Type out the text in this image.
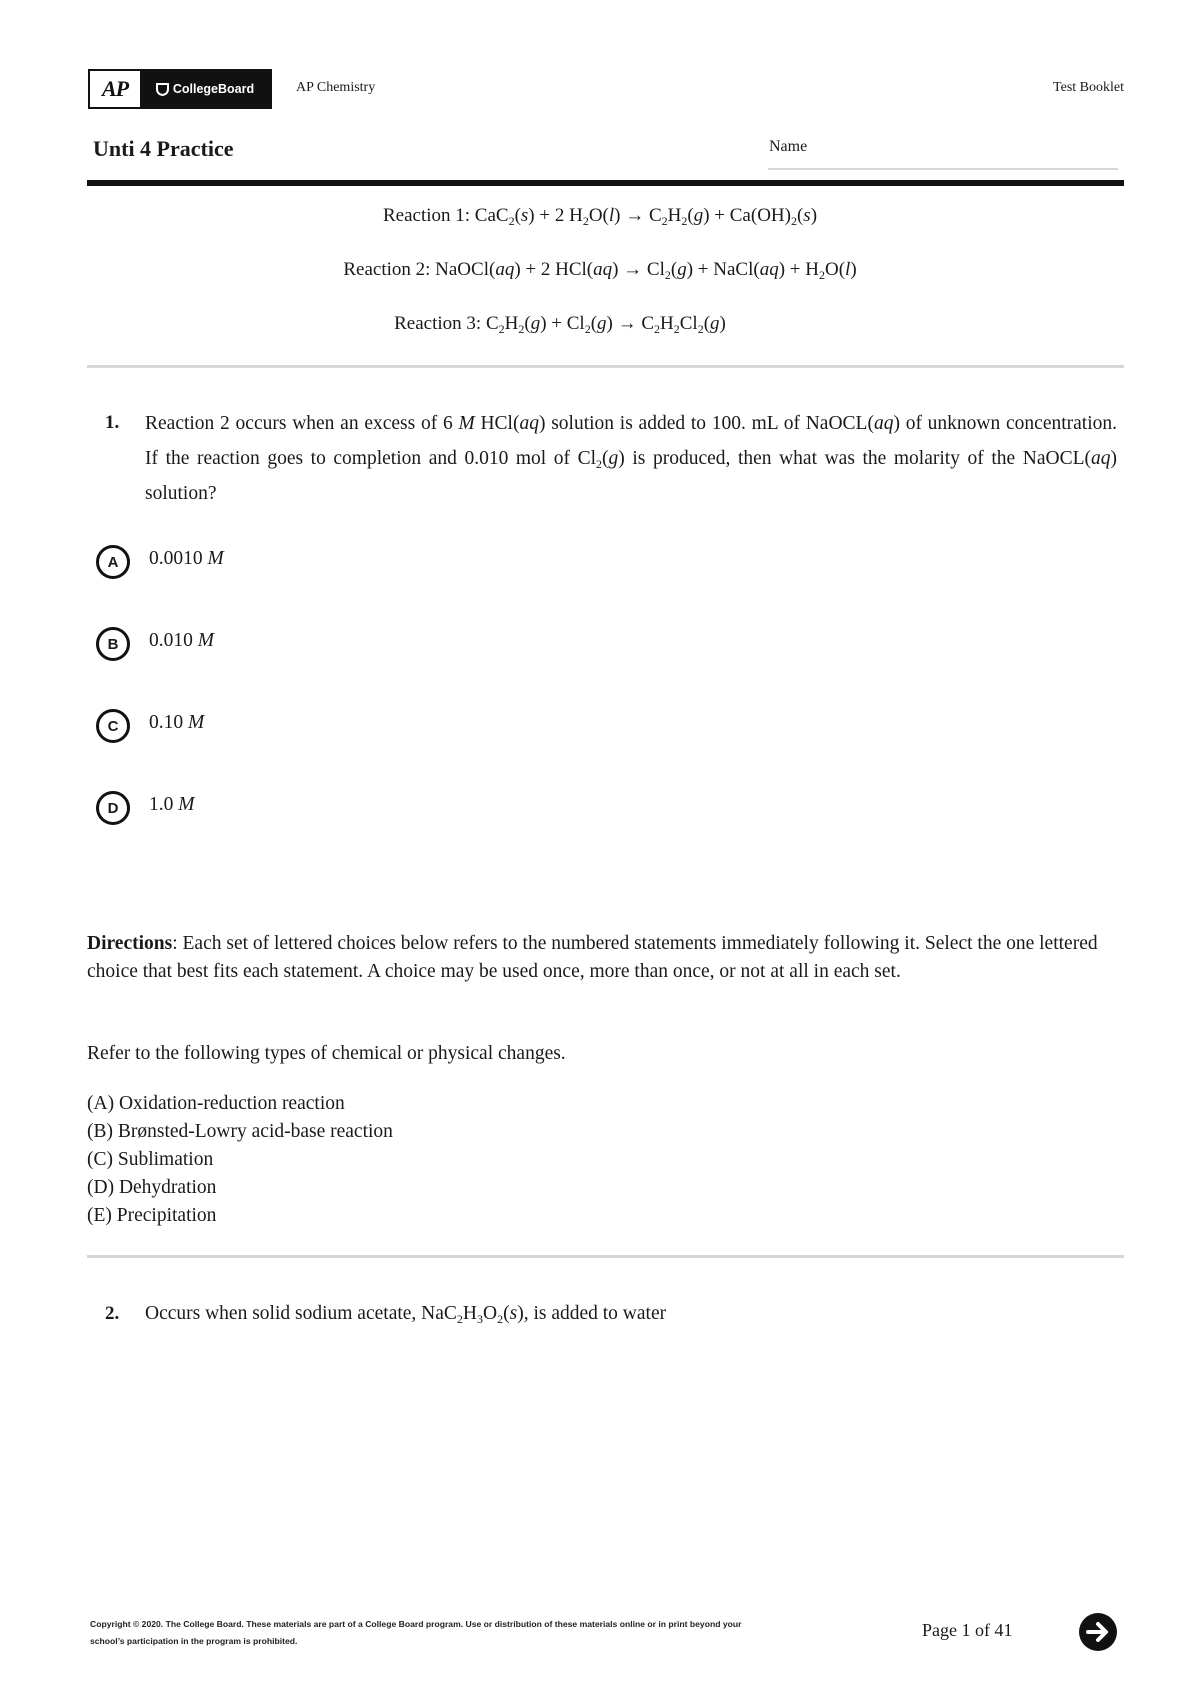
AP	CollegeBoard	AP Chemistry	Test Booklet
Unti 4 Practice	Name
Reaction 1: CaC$_2$(s) + 2 $H_2O(l) \to C_2H_2(g) + Ca(OH)_2(s)$
Reaction 2: NaOCl(aq) + 2 $HCl(aq) \to Cl_2(g)$ + NaCl(aq) + $H_2O(l)$
Reaction 3: $C_2H_2(g) + Cl_2(g) \to C_2H_2Cl_2(g)$
1. Reaction 2 occurs when an excess of 6 M HCl(aq) solution is added to 100. mL of NaOCL(aq) of unknown concentration. If the reaction goes to completion and 0.010 mol of $Cl_2(g)$ is produced, then what was the molarity of the NaOCL(aq) solution?
A	0.0010 M
B	0.010 M
C	0.10 M
D	1.0 M
Directions: Each set of lettered choices below refers to the numbered statements immediately following it. Select the one lettered choice that best fits each statement. A choice may be used once, more than once, or not at all in each set.
Refer to the following types of chemical or physical changes.
(A) Oxidation-reduction reaction
(B) Brønsted-Lowry acid-base reaction
(C) Sublimation
(D) Dehydration
(E) Precipitation
2. Occurs when solid sodium acetate, $NaC_2H_3O_2(s)$, is added to water
Copyright © 2020. The College Board. These materials are part of a College Board program. Use or distribution of these materials online or in print beyond your
school’s participation in the program is prohibited.
Page 1 of 41
